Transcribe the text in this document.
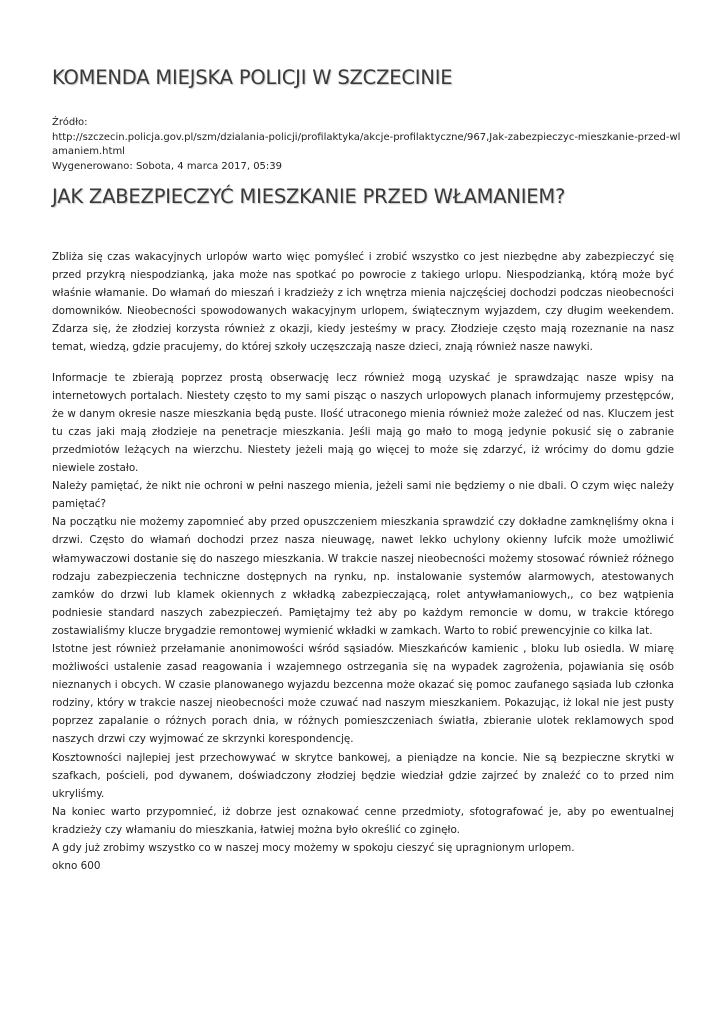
KOMENDA MIEJSKA POLICJI W SZCZECINIE
Źródło:
http://szczecin.policja.gov.pl/szm/dzialania-policji/profilaktyka/akcje-profilaktyczne/967,Jak-zabezpieczyc-mieszkanie-przed-wlamaniem.html
Wygenerowano: Sobota, 4 marca 2017, 05:39
JAK ZABEZPIECZYĆ MIESZKANIE PRZED WŁAMANIEM?

Zbliża się czas wakacyjnych urlopów warto więc pomyśleć i zrobić wszystko co jest niezbędne aby zabezpieczyć się przed przykrą niespodzianką, jaka może nas spotkać po powrocie z takiego urlopu. Niespodzianką, którą może być właśnie włamanie. Do włamań do mieszań i kradzieży z ich wnętrza mienia najczęściej dochodzi podczas nieobecności domowników. Nieobecności spowodowanych wakacyjnym urlopem, świątecznym wyjazdem, czy długim weekendem. Zdarza się, że złodziej korzysta również z okazji, kiedy jesteśmy w pracy. Złodzieje często mają rozeznanie na nasz temat, wiedzą, gdzie pracujemy, do której szkoły uczęszczają nasze dzieci, znają również nasze nawyki.

Informacje te zbierają poprzez prostą obserwację lecz również mogą uzyskać je sprawdzając nasze wpisy na internetowych portalach. Niestety często to my sami pisząc o naszych urlopowych planach informujemy przestępców, że w danym okresie nasze mieszkania będą puste. Ilość utraconego mienia również może zależeć od nas. Kluczem jest tu czas jaki mają złodzieje na penetracje mieszkania. Jeśli mają go mało to mogą jedynie pokusić się o zabranie przedmiotów leżących na wierzchu. Niestety jeżeli mają go więcej to może się zdarzyć, iż wrócimy do domu gdzie niewiele zostało.

Należy pamiętać, że nikt nie ochroni w pełni naszego mienia, jeżeli sami nie będziemy o nie dbali. O czym więc należy pamiętać?

Na początku nie możemy zapomnieć aby przed opuszczeniem mieszkania sprawdzić czy dokładne zamknęliśmy okna i drzwi. Często do włamań dochodzi przez nasza nieuwagę, nawet lekko uchylony okienny lufcik może umożliwić włamywaczowi dostanie się do naszego mieszkania. W trakcie naszej nieobecności możemy stosować również różnego rodzaju zabezpieczenia techniczne dostępnych na rynku, np. instalowanie systemów alarmowych, atestowanych zamków do drzwi lub klamek okiennych z wkładką zabezpieczającą, rolet antywłamaniowych,, co bez wątpienia podniesie standard naszych zabezpieczeń. Pamiętajmy też aby po każdym remoncie w domu, w trakcie którego zostawialiśmy klucze brygadzie remontowej wymienić wkładki w zamkach. Warto to robić prewencyjnie co kilka lat.

Istotne jest również przełamanie anonimowości wśród sąsiadów. Mieszkańców kamienic , bloku lub osiedla. W miarę możliwości ustalenie zasad reagowania i wzajemnego ostrzegania się na wypadek zagrożenia, pojawiania się osób nieznanych i obcych. W czasie planowanego wyjazdu bezcenna może okazać się pomoc zaufanego sąsiada lub członka rodziny, który w trakcie naszej nieobecności może czuwać nad naszym mieszkaniem. Pokazując, iż lokal nie jest pusty poprzez zapalanie o różnych porach dnia, w różnych pomieszczeniach światła, zbieranie ulotek reklamowych spod naszych drzwi czy wyjmować ze skrzynki korespondencję.

Kosztowności najlepiej jest przechowywać w skrytce bankowej, a pieniądze na koncie. Nie są bezpieczne skrytki w szafkach, pościeli, pod dywanem, doświadczony złodziej będzie wiedział gdzie zajrzeć by znaleźć co to przed nim ukryliśmy.

Na koniec warto przypomnieć, iż dobrze jest oznakować cenne przedmioty, sfotografować je, aby po ewentualnej kradzieży czy włamaniu do mieszkania, łatwiej można było określić co zginęło.

A gdy już zrobimy wszystko co w naszej mocy możemy w spokoju cieszyć się upragnionym urlopem.

okno 600
